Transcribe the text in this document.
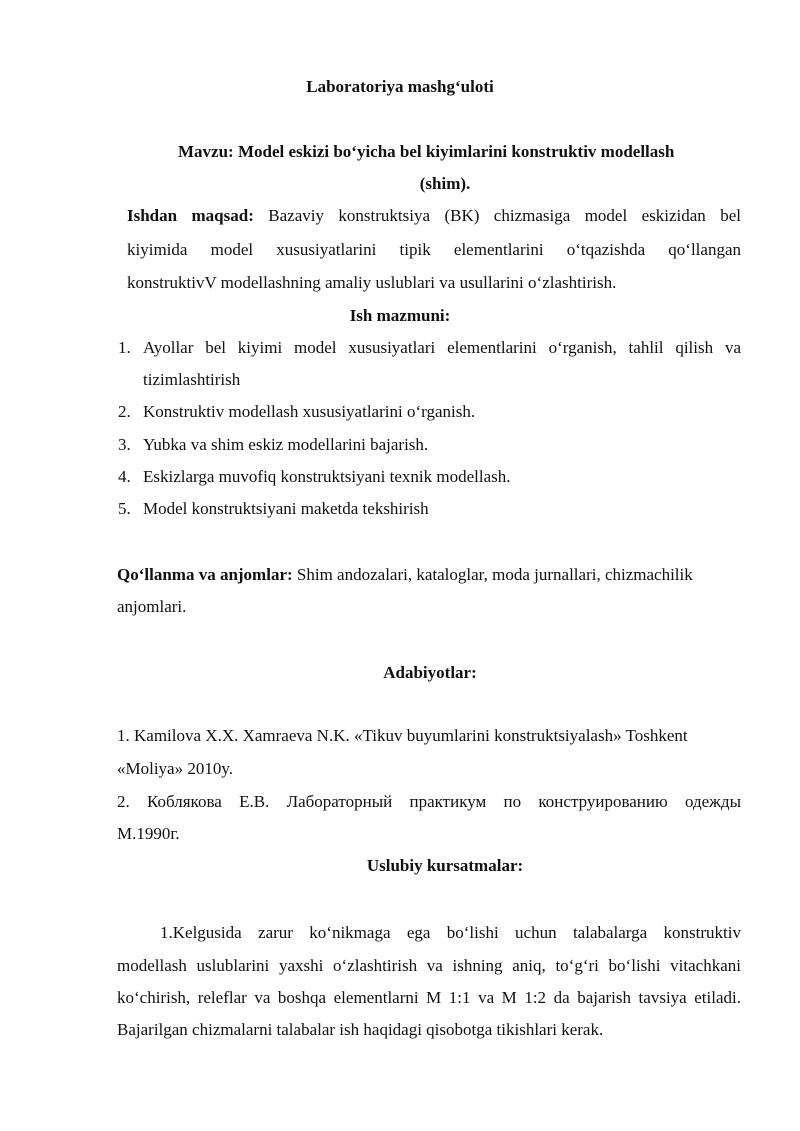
Laboratoriya mashg‘uloti
Mavzu: Model eskizi bo‘yicha bel kiyimlarini konstruktiv modellash
(shim).
Ishdan maqsad: Bazaviy konstruktsiya (BK) chizmasiga model eskizidan bel
kiyimida model xususiyatlarini tipik elementlarini o‘tqazishda qo‘llangan
konstruktivV modellashning amaliy uslublari va usullarini o‘zlashtirish.
Ish mazmuni:
1. Ayollar bel kiyimi model xususiyatlari elementlarini o‘rganish, tahlil qilish va
tizimlashtirish
2. Konstruktiv modellash xususiyatlarini o‘rganish.
3. Yubka va shim eskiz modellarini bajarish.
4. Eskizlarga muvofiq konstruktsiyani texnik modellash.
5. Model konstruktsiyani maketda tekshirish
Qo‘llanma va anjomlar: Shim andozalari, kataloglar, moda jurnallari, chizmachilik
anjomlari.
Adabiyotlar:
1. Kamilova X.X. Xamraeva N.K. «Tikuv buyumlarini konstruktsiyalash» Toshkent
«Moliya» 2010y.
2. Коблякова Е.В. Лабораторный практикум по конструированию одежды
М.1990г.
Uslubiy kursatmalar:
1.Kelgusida zarur ko‘nikmaga ega bo‘lishi uchun talabalarga konstruktiv
modellash uslublarini yaxshi o‘zlashtirish va ishning aniq, to‘g‘ri bo‘lishi vitachkani
ko‘chirish, releflar va boshqa elementlarni M 1:1 va M 1:2 da bajarish tavsiya etiladi.
Bajarilgan chizmalarni talabalar ish haqidagi qisobotga tikishlari kerak.
